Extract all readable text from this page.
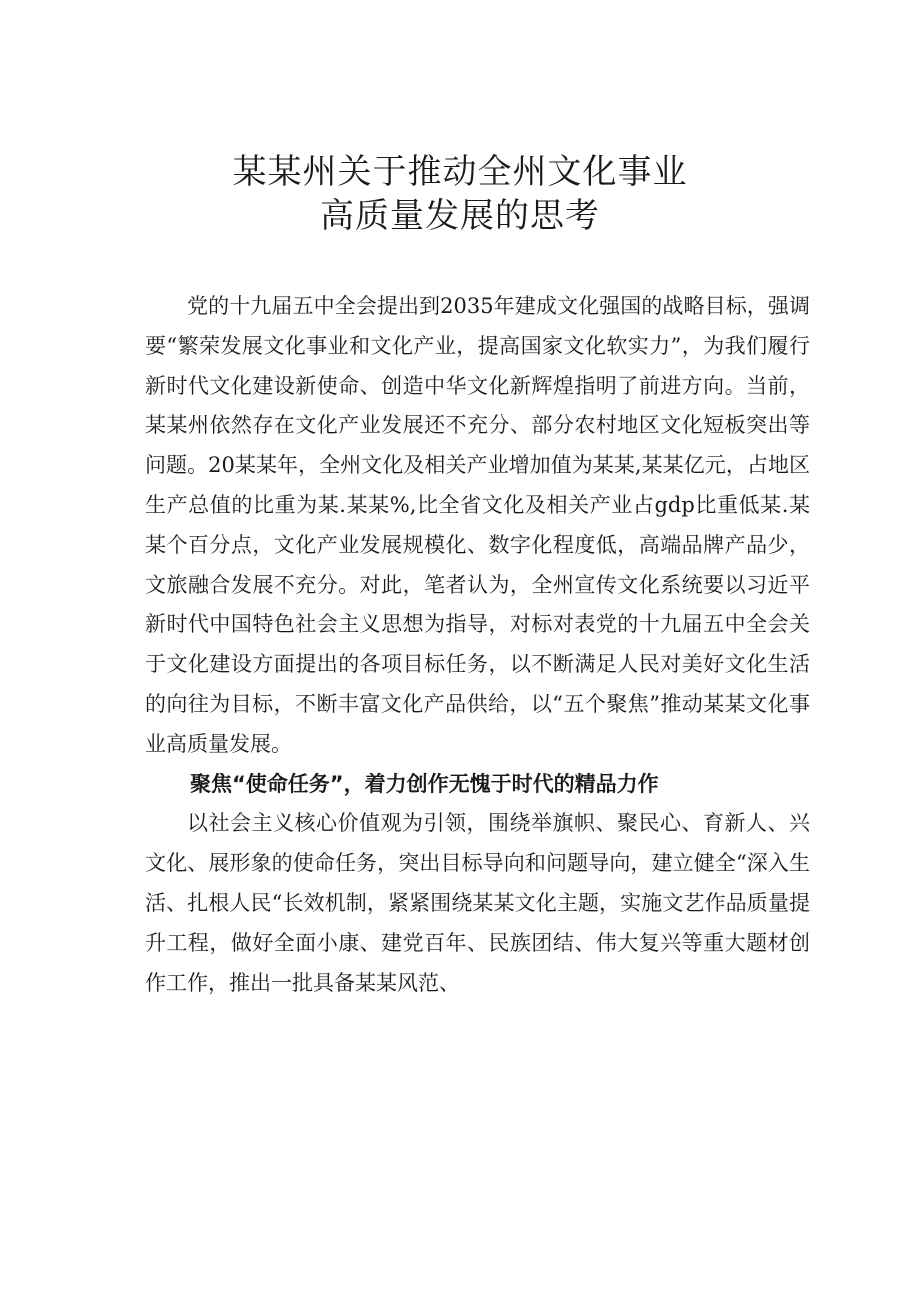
某某州关于推动全州文化事业
高质量发展的思考

党的十九届五中全会提出到2035年建成文化强国的战略目标，强调要“繁荣发展文化事业和文化产业，提高国家文化软实力”，为我们履行新时代文化建设新使命、创造中华文化新辉煌指明了前进方向。当前，某某州依然存在文化产业发展还不充分、部分农村地区文化短板突出等问题。20某某年，全州文化及相关产业增加值为某某,某某亿元，占地区生产总值的比重为某.某某%,比全省文化及相关产业占gdp比重低某.某某个百分点，文化产业发展规模化、数字化程度低，高端品牌产品少，文旅融合发展不充分。对此，笔者认为，全州宣传文化系统要以习近平新时代中国特色社会主义思想为指导，对标对表党的十九届五中全会关于文化建设方面提出的各项目标任务，以不断满足人民对美好文化生活的向往为目标，不断丰富文化产品供给，以“五个聚焦”推动某某文化事业高质量发展。

聚焦“使命任务”，着力创作无愧于时代的精品力作

以社会主义核心价值观为引领，围绕举旗帜、聚民心、育新人、兴文化、展形象的使命任务，突出目标导向和问题导向，建立健全“深入生活、扎根人民“长效机制，紧紧围绕某某文化主题，实施文艺作品质量提升工程，做好全面小康、建党百年、民族团结、伟大复兴等重大题材创作工作，推出一批具备某某风范、
